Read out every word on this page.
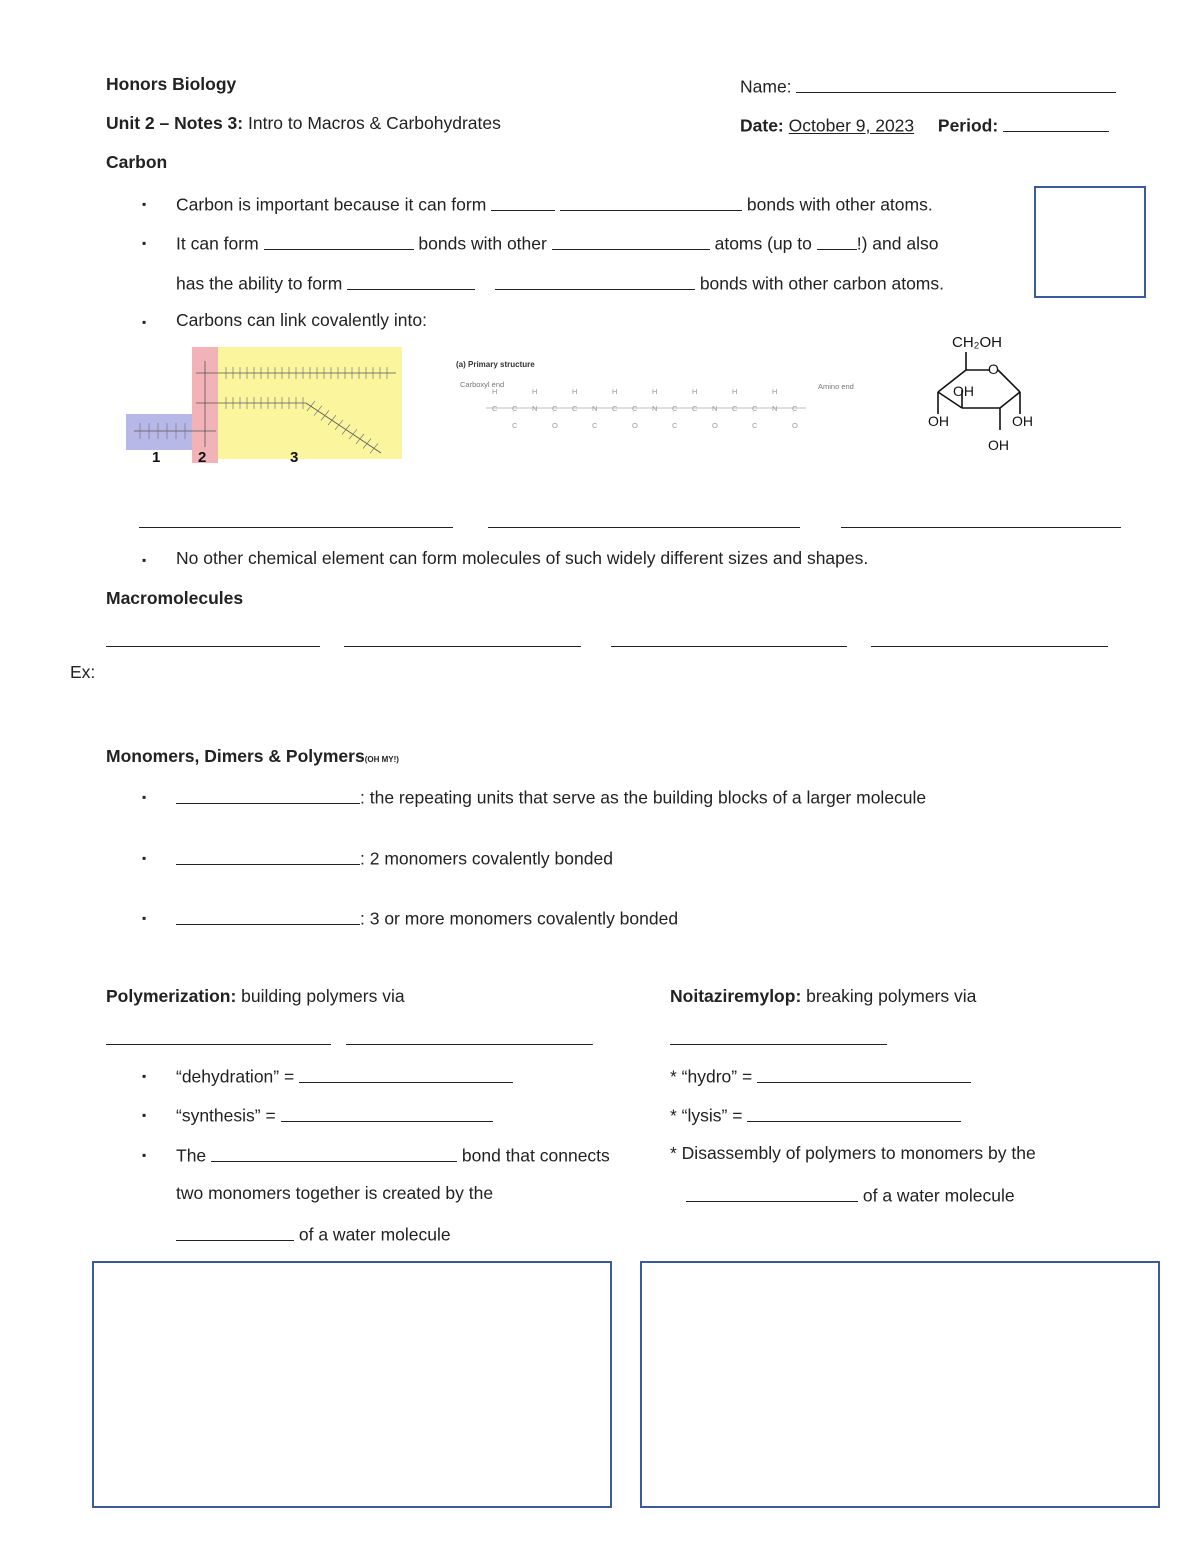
Honors Biology	Name:
Unit 2 – Notes 3: Intro to Macros & Carbohydrates	Date: October 9, 2023 Period:
Carbon
▪ Carbon is important because it can form	bonds with other atoms.
▪ It can form	bonds with other	atoms (up to	!) and also
has the ability to form	bonds with other carbon atoms.
▪ Carbons can link covalently into:
1	2	3
(a) Primary structure
Carboxyl end	Amino end
C
H
C
C
N
H
C
O
C
H
N
C
C
H
C
O
N
H
C
C
C
H
N
O
C
H
C
C
N
H
C
O
CH₂OH
O
OH
OH	OH
OH
▪ No other chemical element can form molecules of such widely different sizes and shapes.
Macromolecules
Ex:
Monomers, Dimers & Polymers(OH MY!)
▪	: the repeating units that serve as the building blocks of a larger molecule
▪	: 2 monomers covalently bonded
▪	: 3 or more monomers covalently bonded
Polymerization: building polymers via
▪ “dehydration” =
▪ “synthesis” =
▪ The	bond that connects
two monomers together is created by the
of a water molecule
Noitaziremylop: breaking polymers via
* “hydro” =
* “lysis” =
* Disassembly of polymers to monomers by the
of a water molecule
